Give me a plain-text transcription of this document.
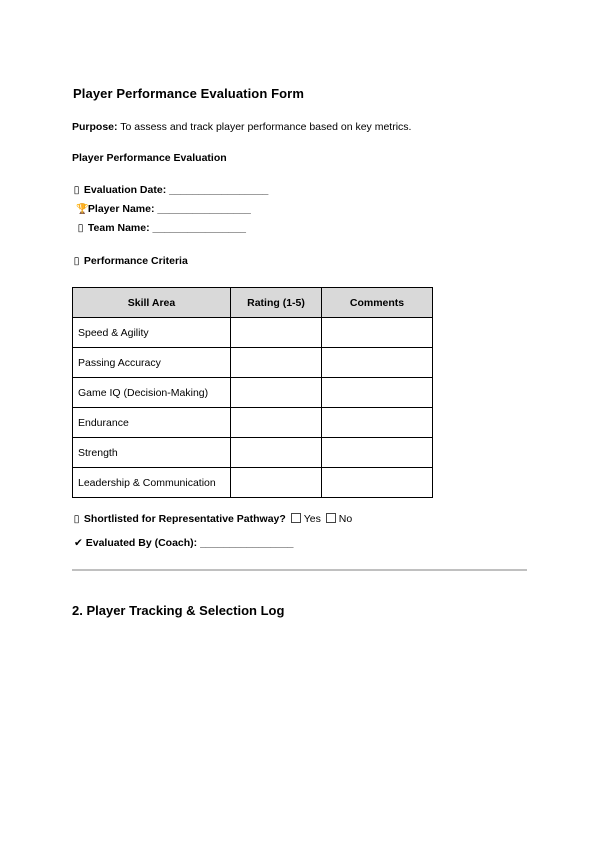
Player Performance Evaluation Form
Purpose: To assess and track player performance based on key metrics.
Player Performance Evaluation
▯ Evaluation Date: _________________
🏆 Player Name: ________________
▯ Team Name: ________________
▯ Performance Criteria
Skill Area	Rating (1-5)	Comments
Speed & Agility		
Passing Accuracy		
Game IQ (Decision-Making)		
Endurance		
Strength		
Leadership & Communication		
▯ Shortlisted for Representative Pathway? Yes No
✔ Evaluated By (Coach): ________________
2. Player Tracking & Selection Log
